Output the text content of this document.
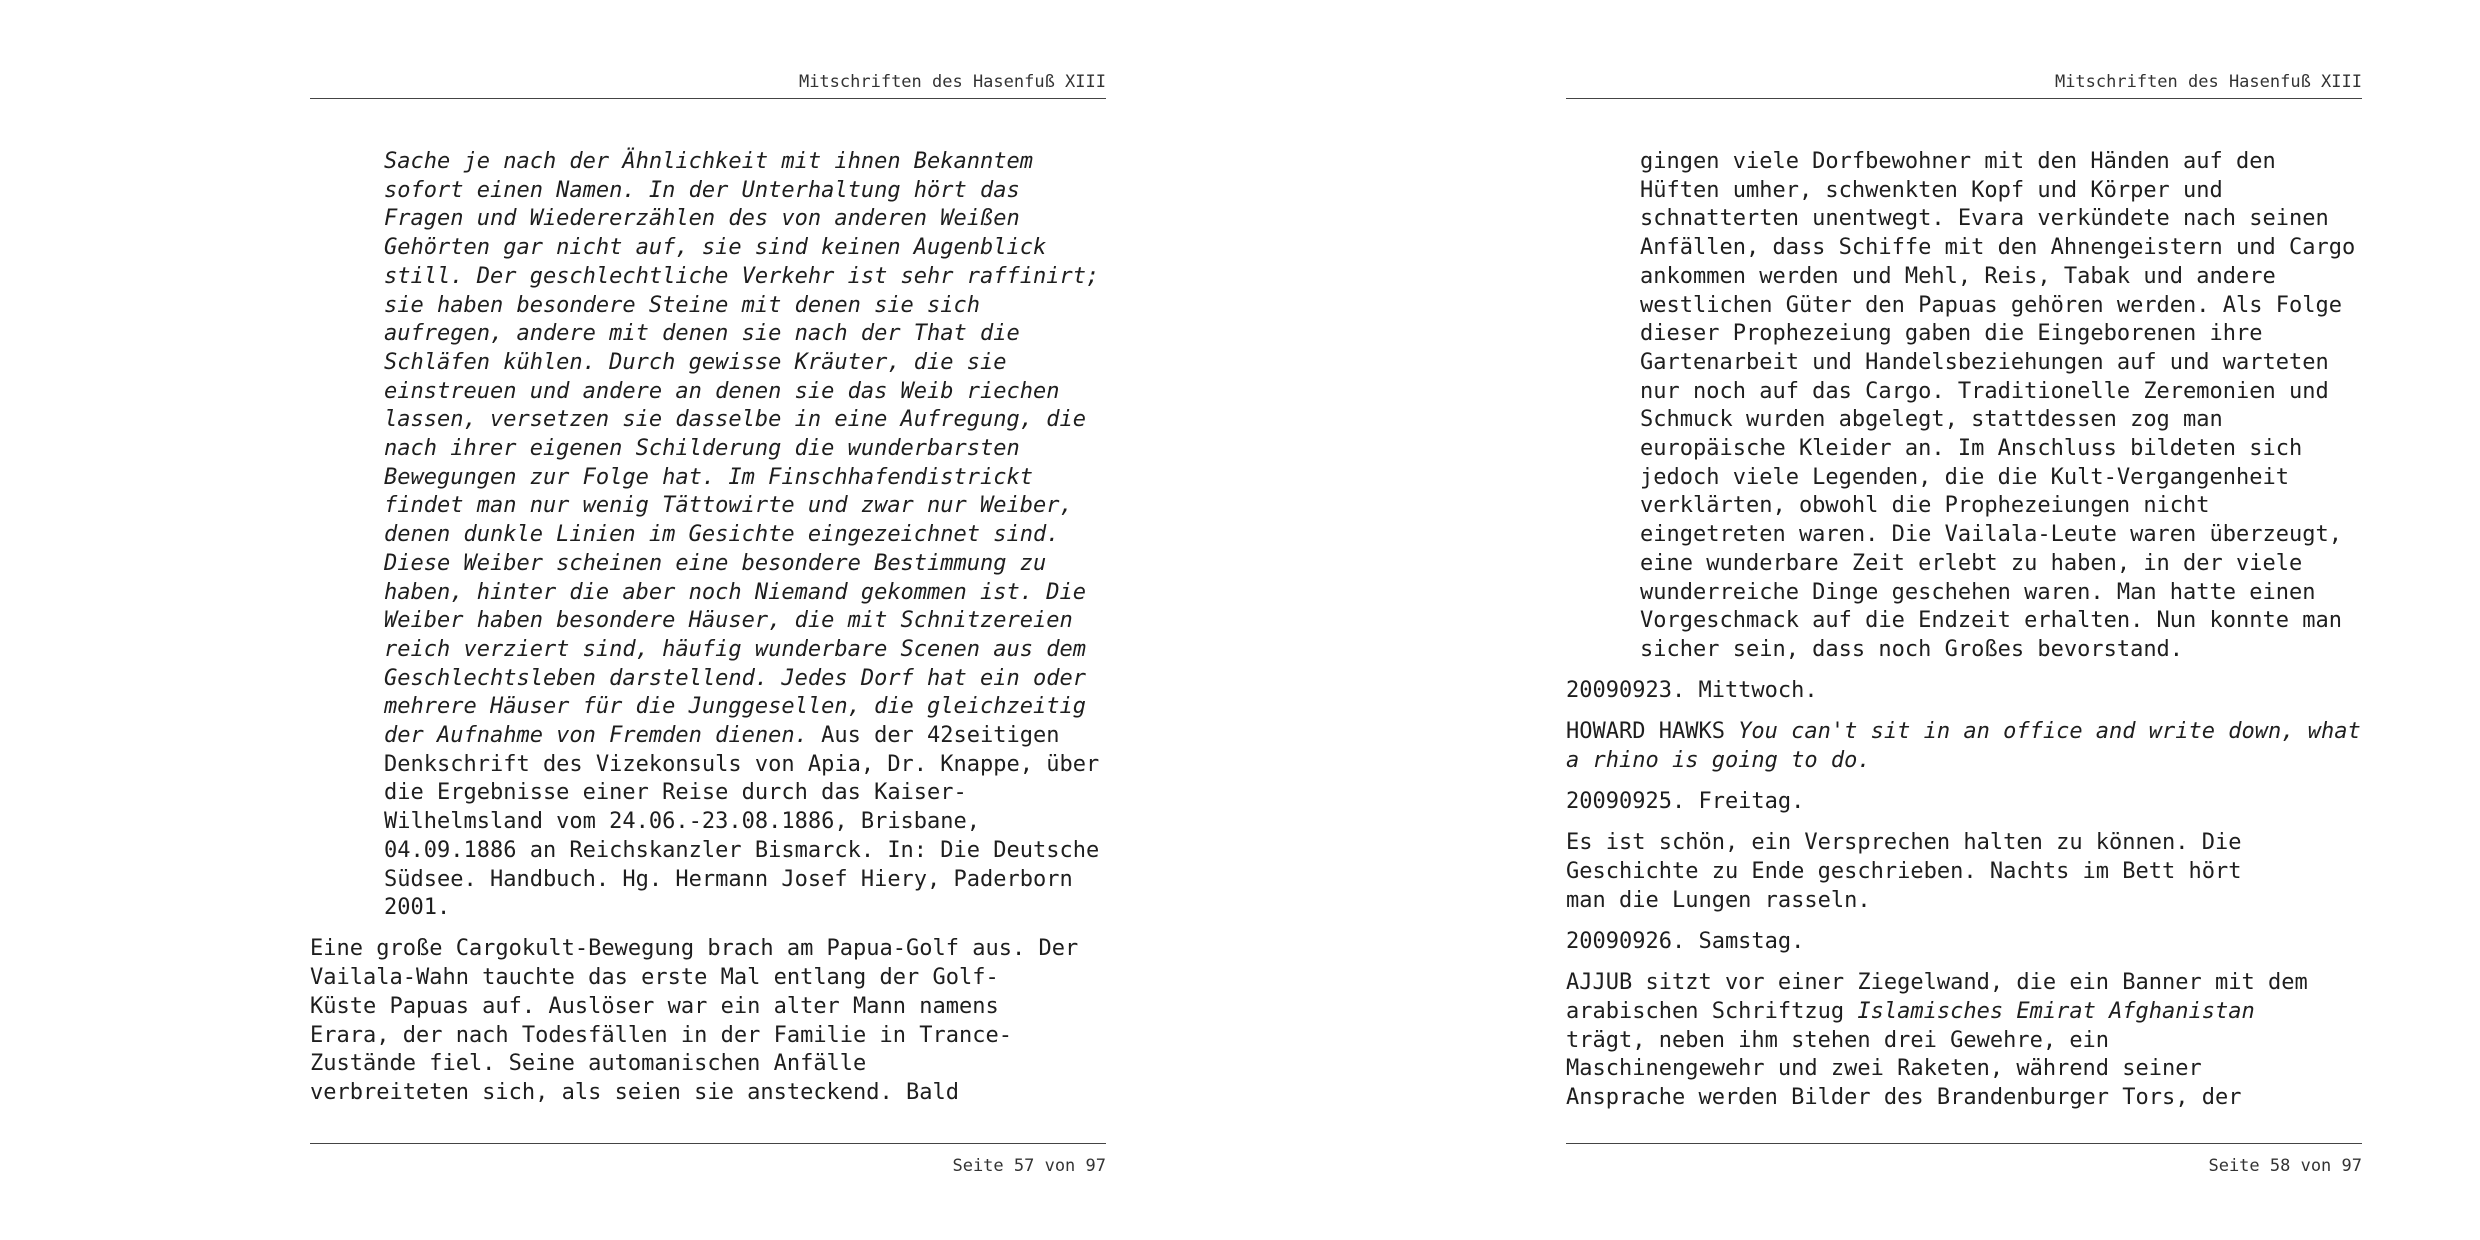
Mitschriften des Hasenfuß XIII
Sache je nach der Ähnlichkeit mit ihnen Bekanntem
sofort einen Namen. In der Unterhaltung hört das
Fragen und Wiedererzählen des von anderen Weißen
Gehörten gar nicht auf, sie sind keinen Augenblick
still. Der geschlechtliche Verkehr ist sehr raffinirt;
sie haben besondere Steine mit denen sie sich
aufregen, andere mit denen sie nach der That die
Schläfen kühlen. Durch gewisse Kräuter, die sie
einstreuen und andere an denen sie das Weib riechen
lassen, versetzen sie dasselbe in eine Aufregung, die
nach ihrer eigenen Schilderung die wunderbarsten
Bewegungen zur Folge hat. Im Finschhafendistrickt
findet man nur wenig Tättowirte und zwar nur Weiber,
denen dunkle Linien im Gesichte eingezeichnet sind.
Diese Weiber scheinen eine besondere Bestimmung zu
haben, hinter die aber noch Niemand gekommen ist. Die
Weiber haben besondere Häuser, die mit Schnitzereien
reich verziert sind, häufig wunderbare Scenen aus dem
Geschlechtsleben darstellend. Jedes Dorf hat ein oder
mehrere Häuser für die Junggesellen, die gleichzeitig
der Aufnahme von Fremden dienen. Aus der 42seitigen
Denkschrift des Vizekonsuls von Apia, Dr. Knappe, über
die Ergebnisse einer Reise durch das Kaiser-
Wilhelmsland vom 24.06.-23.08.1886, Brisbane,
04.09.1886 an Reichskanzler Bismarck. In: Die Deutsche
Südsee. Handbuch. Hg. Hermann Josef Hiery, Paderborn
2001.
Eine große Cargokult-Bewegung brach am Papua-Golf aus. Der
Vailala-Wahn tauchte das erste Mal entlang der Golf-
Küste Papuas auf. Auslöser war ein alter Mann namens
Erara, der nach Todesfällen in der Familie in Trance-
Zustände fiel. Seine automanischen Anfälle
verbreiteten sich, als seien sie ansteckend. Bald
Seite 57 von 97
Mitschriften des Hasenfuß XIII
gingen viele Dorfbewohner mit den Händen auf den
Hüften umher, schwenkten Kopf und Körper und
schnatterten unentwegt. Evara verkündete nach seinen
Anfällen, dass Schiffe mit den Ahnengeistern und Cargo
ankommen werden und Mehl, Reis, Tabak und andere
westlichen Güter den Papuas gehören werden. Als Folge
dieser Prophezeiung gaben die Eingeborenen ihre
Gartenarbeit und Handelsbeziehungen auf und warteten
nur noch auf das Cargo. Traditionelle Zeremonien und
Schmuck wurden abgelegt, stattdessen zog man
europäische Kleider an. Im Anschluss bildeten sich
jedoch viele Legenden, die die Kult-Vergangenheit
verklärten, obwohl die Prophezeiungen nicht
eingetreten waren. Die Vailala-Leute waren überzeugt,
eine wunderbare Zeit erlebt zu haben, in der viele
wunderreiche Dinge geschehen waren. Man hatte einen
Vorgeschmack auf die Endzeit erhalten. Nun konnte man
sicher sein, dass noch Großes bevorstand.
20090923. Mittwoch.
HOWARD HAWKS You can't sit in an office and write down, what
a rhino is going to do.
20090925. Freitag.
Es ist schön, ein Versprechen halten zu können. Die
Geschichte zu Ende geschrieben. Nachts im Bett hört
man die Lungen rasseln.
20090926. Samstag.
AJJUB sitzt vor einer Ziegelwand, die ein Banner mit dem
arabischen Schriftzug Islamisches Emirat Afghanistan
trägt, neben ihm stehen drei Gewehre, ein
Maschinengewehr und zwei Raketen, während seiner
Ansprache werden Bilder des Brandenburger Tors, der
Seite 58 von 97
